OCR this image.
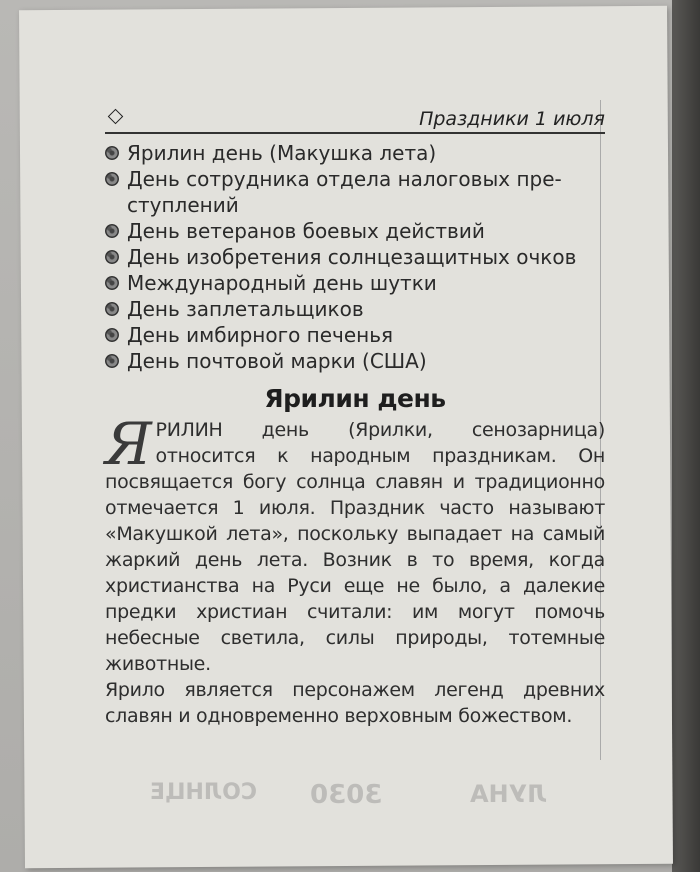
СОЛНЦЕ 3030	ЛУНА
Праздники 1 июля
Ярилин день (Макушка лета)
День сотрудника отдела налоговых пре-ступлений
День ветеранов боевых действий
День изобретения солнцезащитных очков
Международный день шутки
День заплетальщиков
День имбирного печенья
День почтовой марки (США)
Ярилин день

ЯРИЛИН день (Ярилки, сенозарница) относится к народным праздникам. Он посвящается богу солнца славян и традиционно отмечается 1 июля. Праздник часто называют «Макушкой лета», поскольку выпадает на самый жаркий день лета. Возник в то время, когда христианства на Руси еще не было, а далекие предки христиан считали: им могут помочь небесные светила, силы природы, тотемные животные.

Ярило является персонажем легенд древних славян и одновременно верховным божеством.
